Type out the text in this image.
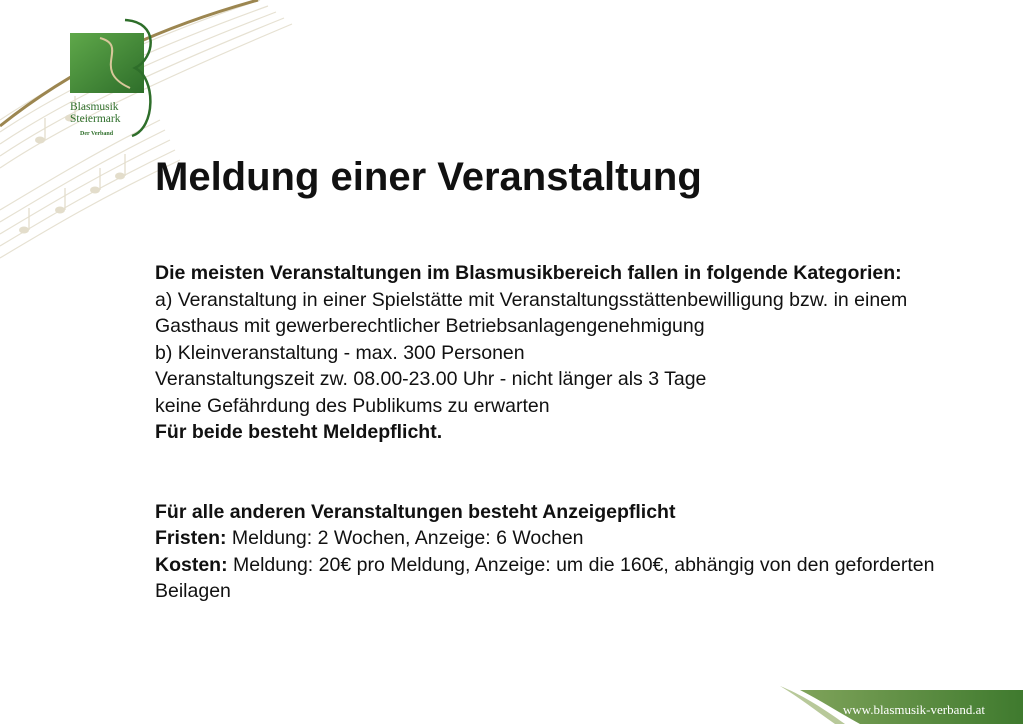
Blasmusik
Steiermark
Der Verband
Meldung einer Veranstaltung

Die meisten Veranstaltungen im Blasmusikbereich fallen in folgende Kategorien:

a) Veranstaltung in einer Spielstätte mit Veranstaltungsstättenbewilligung bzw. in einem Gasthaus mit gewerberechtlicher Betriebsanlagengenehmigung

b) Kleinveranstaltung - max. 300 Personen

Veranstaltungszeit zw. 08.00-23.00 Uhr - nicht länger als 3 Tage

keine Gefährdung des Publikums zu erwarten

Für beide besteht Meldepflicht.

Für alle anderen Veranstaltungen besteht Anzeigepflicht

Fristen: Meldung: 2 Wochen, Anzeige: 6 Wochen

Kosten: Meldung: 20€ pro Meldung, Anzeige: um die 160€, abhängig von den geforderten Beilagen

www.blasmusik-verband.at
